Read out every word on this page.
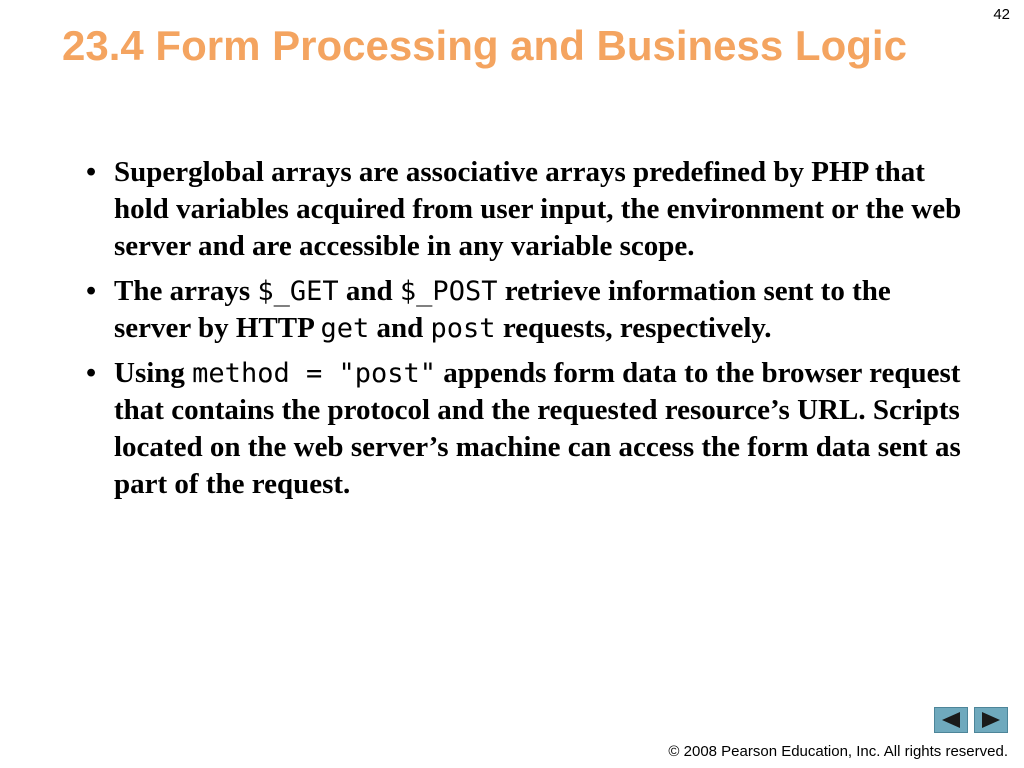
42
23.4 Form Processing and Business Logic
• Superglobal arrays are associative arrays predefined by PHP that hold variables acquired from user input, the environment or the web server and are accessible in any variable scope.
• The arrays $_GET and $_POST retrieve information sent to the server by HTTP get and post requests, respectively.
• Using method = "post" appends form data to the browser request that contains the protocol and the requested resource’s URL. Scripts located on the web server’s machine can access the form data sent as part of the request.
© 2008 Pearson Education, Inc. All rights reserved.
